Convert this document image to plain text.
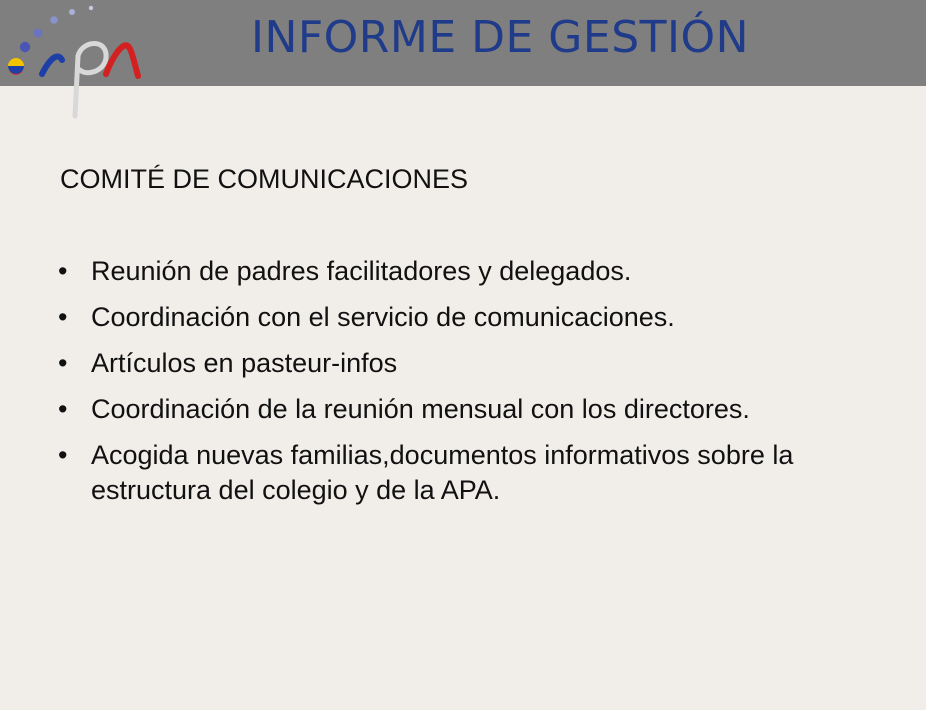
INFORME DE GESTIÓN
COMITÉ DE COMUNICACIONES
• Reunión de padres facilitadores y delegados.
• Coordinación con el servicio de comunicaciones.
• Artículos en pasteur-infos
• Coordinación de la reunión mensual con los directores.
• Acogida nuevas familias,documentos informativos sobre la estructura del colegio y de la APA.
